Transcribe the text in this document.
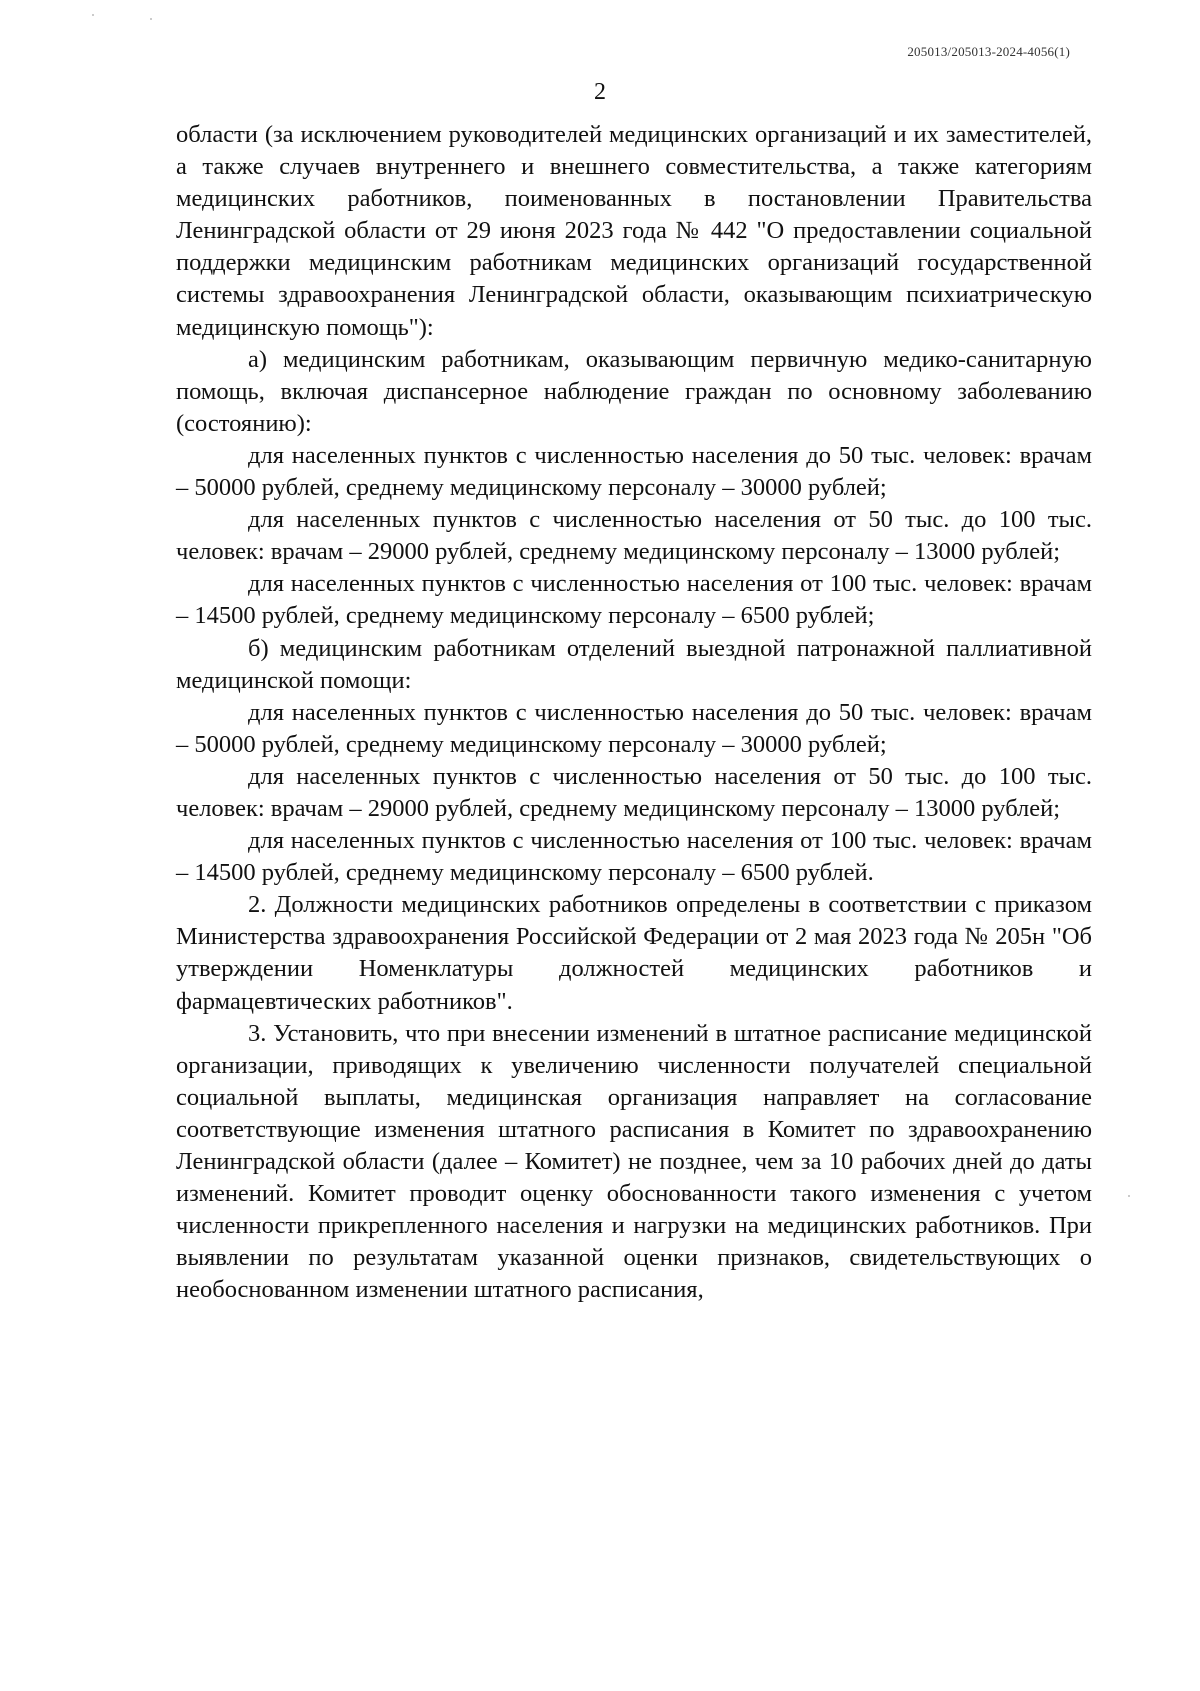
205013/205013-2024-4056(1)
2

области (за исключением руководителей медицинских организаций и их заместителей, а также случаев внутреннего и внешнего совместительства, а также категориям медицинских работников, поименованных в постановлении Правительства Ленинградской области от 29 июня 2023 года № 442 "О предоставлении социальной поддержки медицинским работникам медицинских организаций государственной системы здравоохранения Ленинградской области, оказывающим психиатрическую медицинскую помощь"):

а) медицинским работникам, оказывающим первичную медико-санитарную помощь, включая диспансерное наблюдение граждан по основному заболеванию (состоянию):

для населенных пунктов с численностью населения до 50 тыс. человек: врачам – 50000 рублей, среднему медицинскому персоналу – 30000 рублей;

для населенных пунктов с численностью населения от 50 тыс. до 100 тыс. человек: врачам – 29000 рублей, среднему медицинскому персоналу – 13000 рублей;

для населенных пунктов с численностью населения от 100 тыс. человек: врачам – 14500 рублей, среднему медицинскому персоналу – 6500 рублей;

б) медицинским работникам отделений выездной патронажной паллиативной медицинской помощи:

для населенных пунктов с численностью населения до 50 тыс. человек: врачам – 50000 рублей, среднему медицинскому персоналу – 30000 рублей;

для населенных пунктов с численностью населения от 50 тыс. до 100 тыс. человек: врачам – 29000 рублей, среднему медицинскому персоналу – 13000 рублей;

для населенных пунктов с численностью населения от 100 тыс. человек: врачам – 14500 рублей, среднему медицинскому персоналу – 6500 рублей.

2. Должности медицинских работников определены в соответствии с приказом Министерства здравоохранения Российской Федерации от 2 мая 2023 года № 205н "Об утверждении Номенклатуры должностей медицинских работников и фармацевтических работников".

3. Установить, что при внесении изменений в штатное расписание медицинской организации, приводящих к увеличению численности получателей специальной социальной выплаты, медицинская организация направляет на согласование соответствующие изменения штатного расписания в Комитет по здравоохранению Ленинградской области (далее – Комитет) не позднее, чем за 10 рабочих дней до даты изменений. Комитет проводит оценку обоснованности такого изменения с учетом численности прикрепленного населения и нагрузки на медицинских работников. При выявлении по результатам указанной оценки признаков, свидетельствующих о необоснованном изменении штатного расписания,
